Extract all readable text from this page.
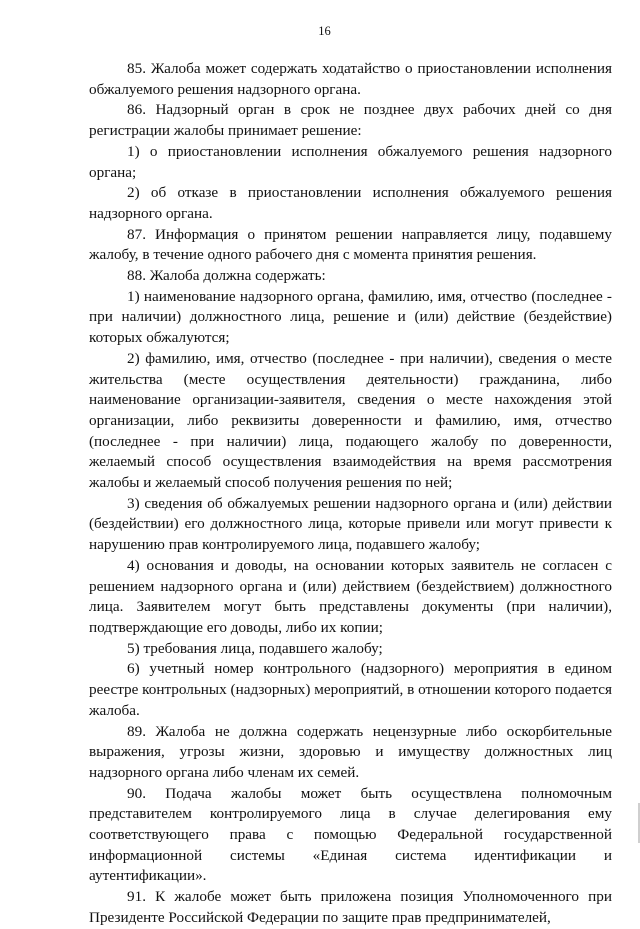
16

85. Жалоба может содержать ходатайство о приостановлении исполнения обжалуемого решения надзорного органа.

86. Надзорный орган в срок не позднее двух рабочих дней со дня регистрации жалобы принимает решение:

1) о приостановлении исполнения обжалуемого решения надзорного органа;

2) об отказе в приостановлении исполнения обжалуемого решения надзорного органа.

87. Информация о принятом решении направляется лицу, подавшему жалобу, в течение одного рабочего дня с момента принятия решения.

88. Жалоба должна содержать:

1) наименование надзорного органа, фамилию, имя, отчество (последнее - при наличии) должностного лица, решение и (или) действие (бездействие) которых обжалуются;

2) фамилию, имя, отчество (последнее - при наличии), сведения о месте жительства (месте осуществления деятельности) гражданина, либо наименование организации-заявителя, сведения о месте нахождения этой организации, либо реквизиты доверенности и фамилию, имя, отчество (последнее - при наличии) лица, подающего жалобу по доверенности, желаемый способ осуществления взаимодействия на время рассмотрения жалобы и желаемый способ получения решения по ней;

3) сведения об обжалуемых решении надзорного органа и (или) действии (бездействии) его должностного лица, которые привели или могут привести к нарушению прав контролируемого лица, подавшего жалобу;

4) основания и доводы, на основании которых заявитель не согласен с решением надзорного органа и (или) действием (бездействием) должностного лица. Заявителем могут быть представлены документы (при наличии), подтверждающие его доводы, либо их копии;

5) требования лица, подавшего жалобу;

6) учетный номер контрольного (надзорного) мероприятия в едином реестре контрольных (надзорных) мероприятий, в отношении которого подается жалоба.

89. Жалоба не должна содержать нецензурные либо оскорбительные выражения, угрозы жизни, здоровью и имуществу должностных лиц надзорного органа либо членам их семей.

90. Подача жалобы может быть осуществлена полномочным представителем контролируемого лица в случае делегирования ему соответствующего права с помощью Федеральной государственной информационной системы «Единая система идентификации и аутентификации».

91. К жалобе может быть приложена позиция Уполномоченного при Президенте Российской Федерации по защите прав предпринимателей,
